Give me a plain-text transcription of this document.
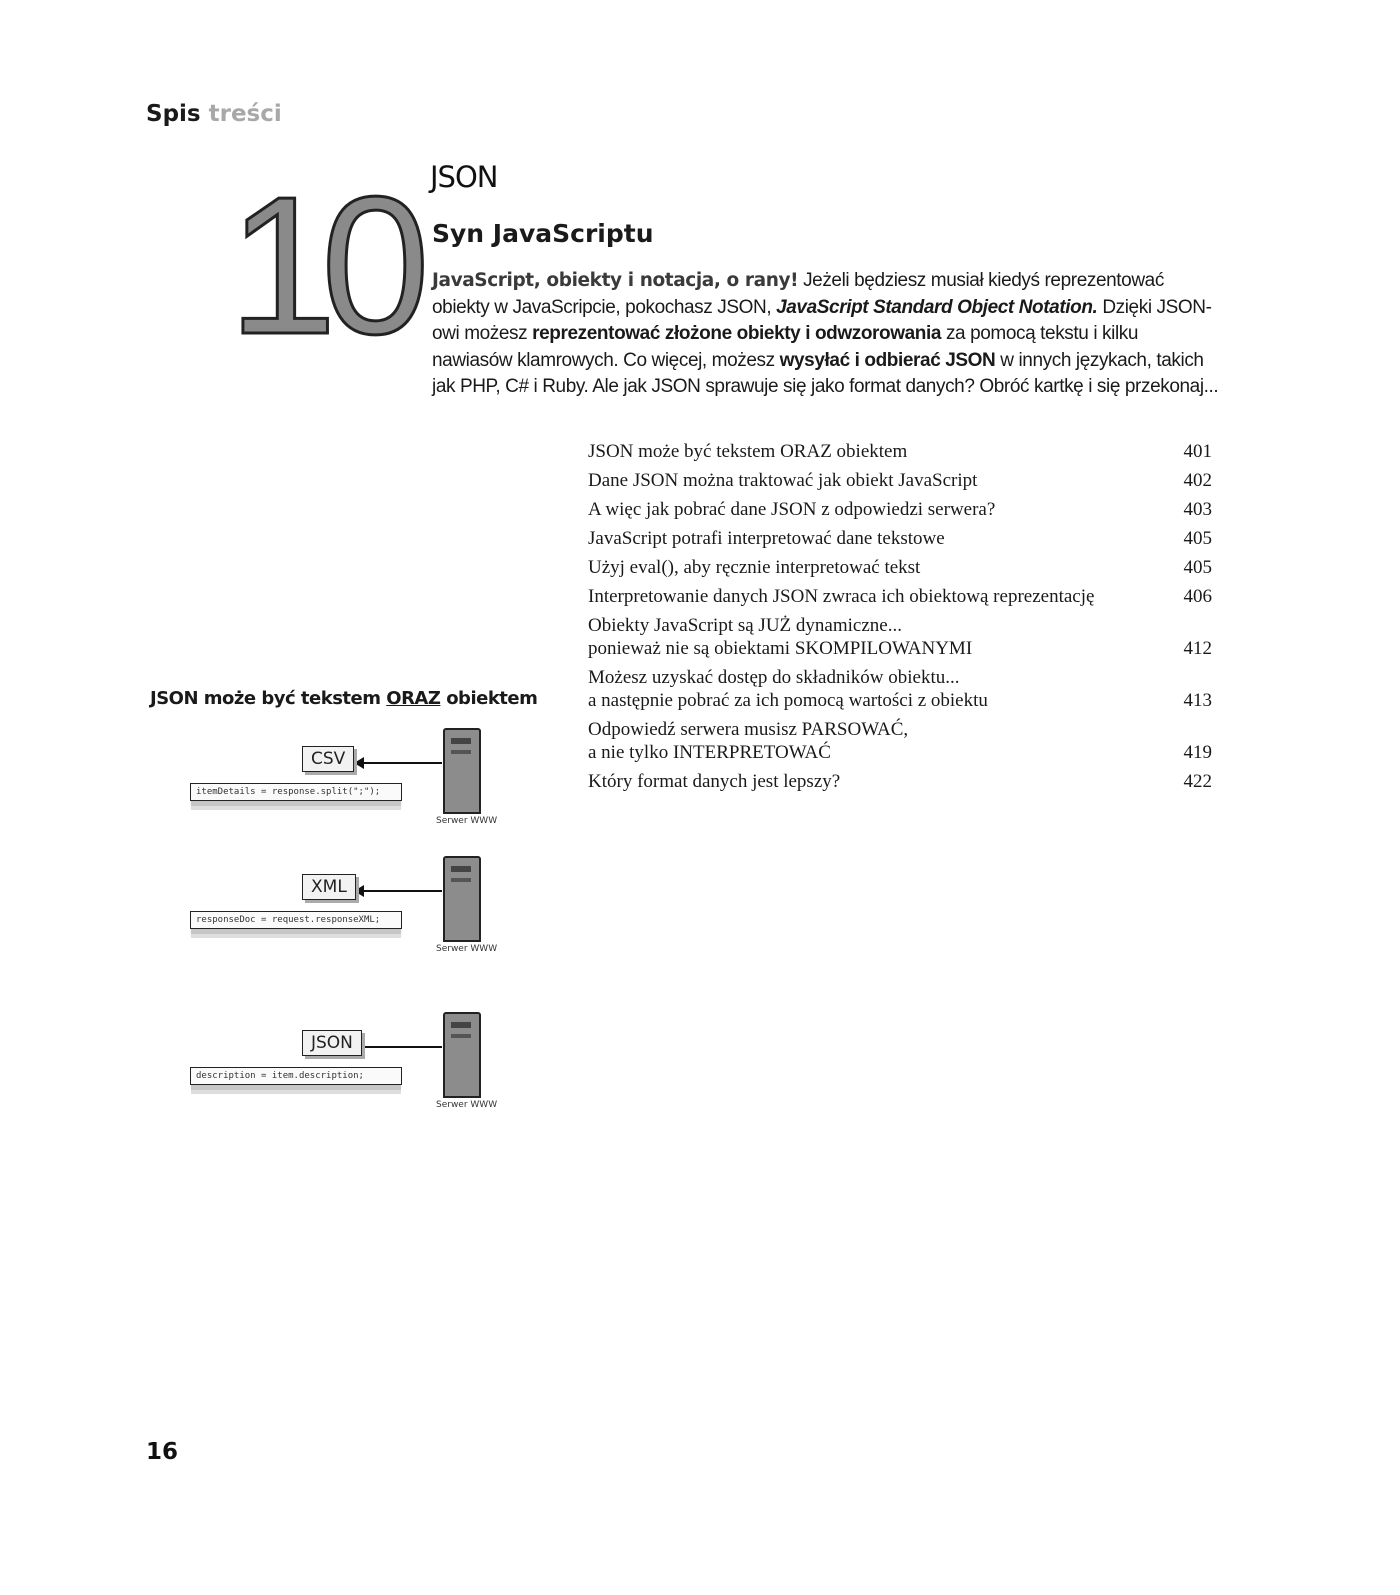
Spis treści
10 JSON
Syn JavaScriptu
JavaScript, obiekty i notacja, o rany! Jeżeli będziesz musiał kiedyś reprezentować obiekty w JavaScripcie, pokochasz JSON, JavaScript Standard Object Notation. Dzięki JSON-owi możesz reprezentować złożone obiekty i odwzorowania za pomocą tekstu i kilku nawiasów klamrowych. Co więcej, możesz wysyłać i odbierać JSON w innych językach, takich jak PHP, C# i Ruby. Ale jak JSON sprawuje się jako format danych? Obróć kartkę i się przekonaj...
JSON może być tekstem ORAZ obiektem	401
Dane JSON można traktować jak obiekt JavaScript	402
A więc jak pobrać dane JSON z odpowiedzi serwera?	403
JavaScript potrafi interpretować dane tekstowe	405
Użyj eval(), aby ręcznie interpretować tekst	405
Interpretowanie danych JSON zwraca ich obiektową reprezentację	406
Obiekty JavaScript są JUŻ dynamiczne...
ponieważ nie są obiektami SKOMPILOWANYMI	412
Możesz uzyskać dostęp do składników obiektu...
a następnie pobrać za ich pomocą wartości z obiektu	413
Odpowiedź serwera musisz PARSOWAĆ,
a nie tylko INTERPRETOWAĆ	419
Który format danych jest lepszy?	422
JSON może być tekstem ORAZ obiektem
Serwer WWW
CSV
itemDetails = response.split(";");
Serwer WWW
XML
responseDoc = request.responseXML;
Serwer WWW
JSON
description = item.description;
16
